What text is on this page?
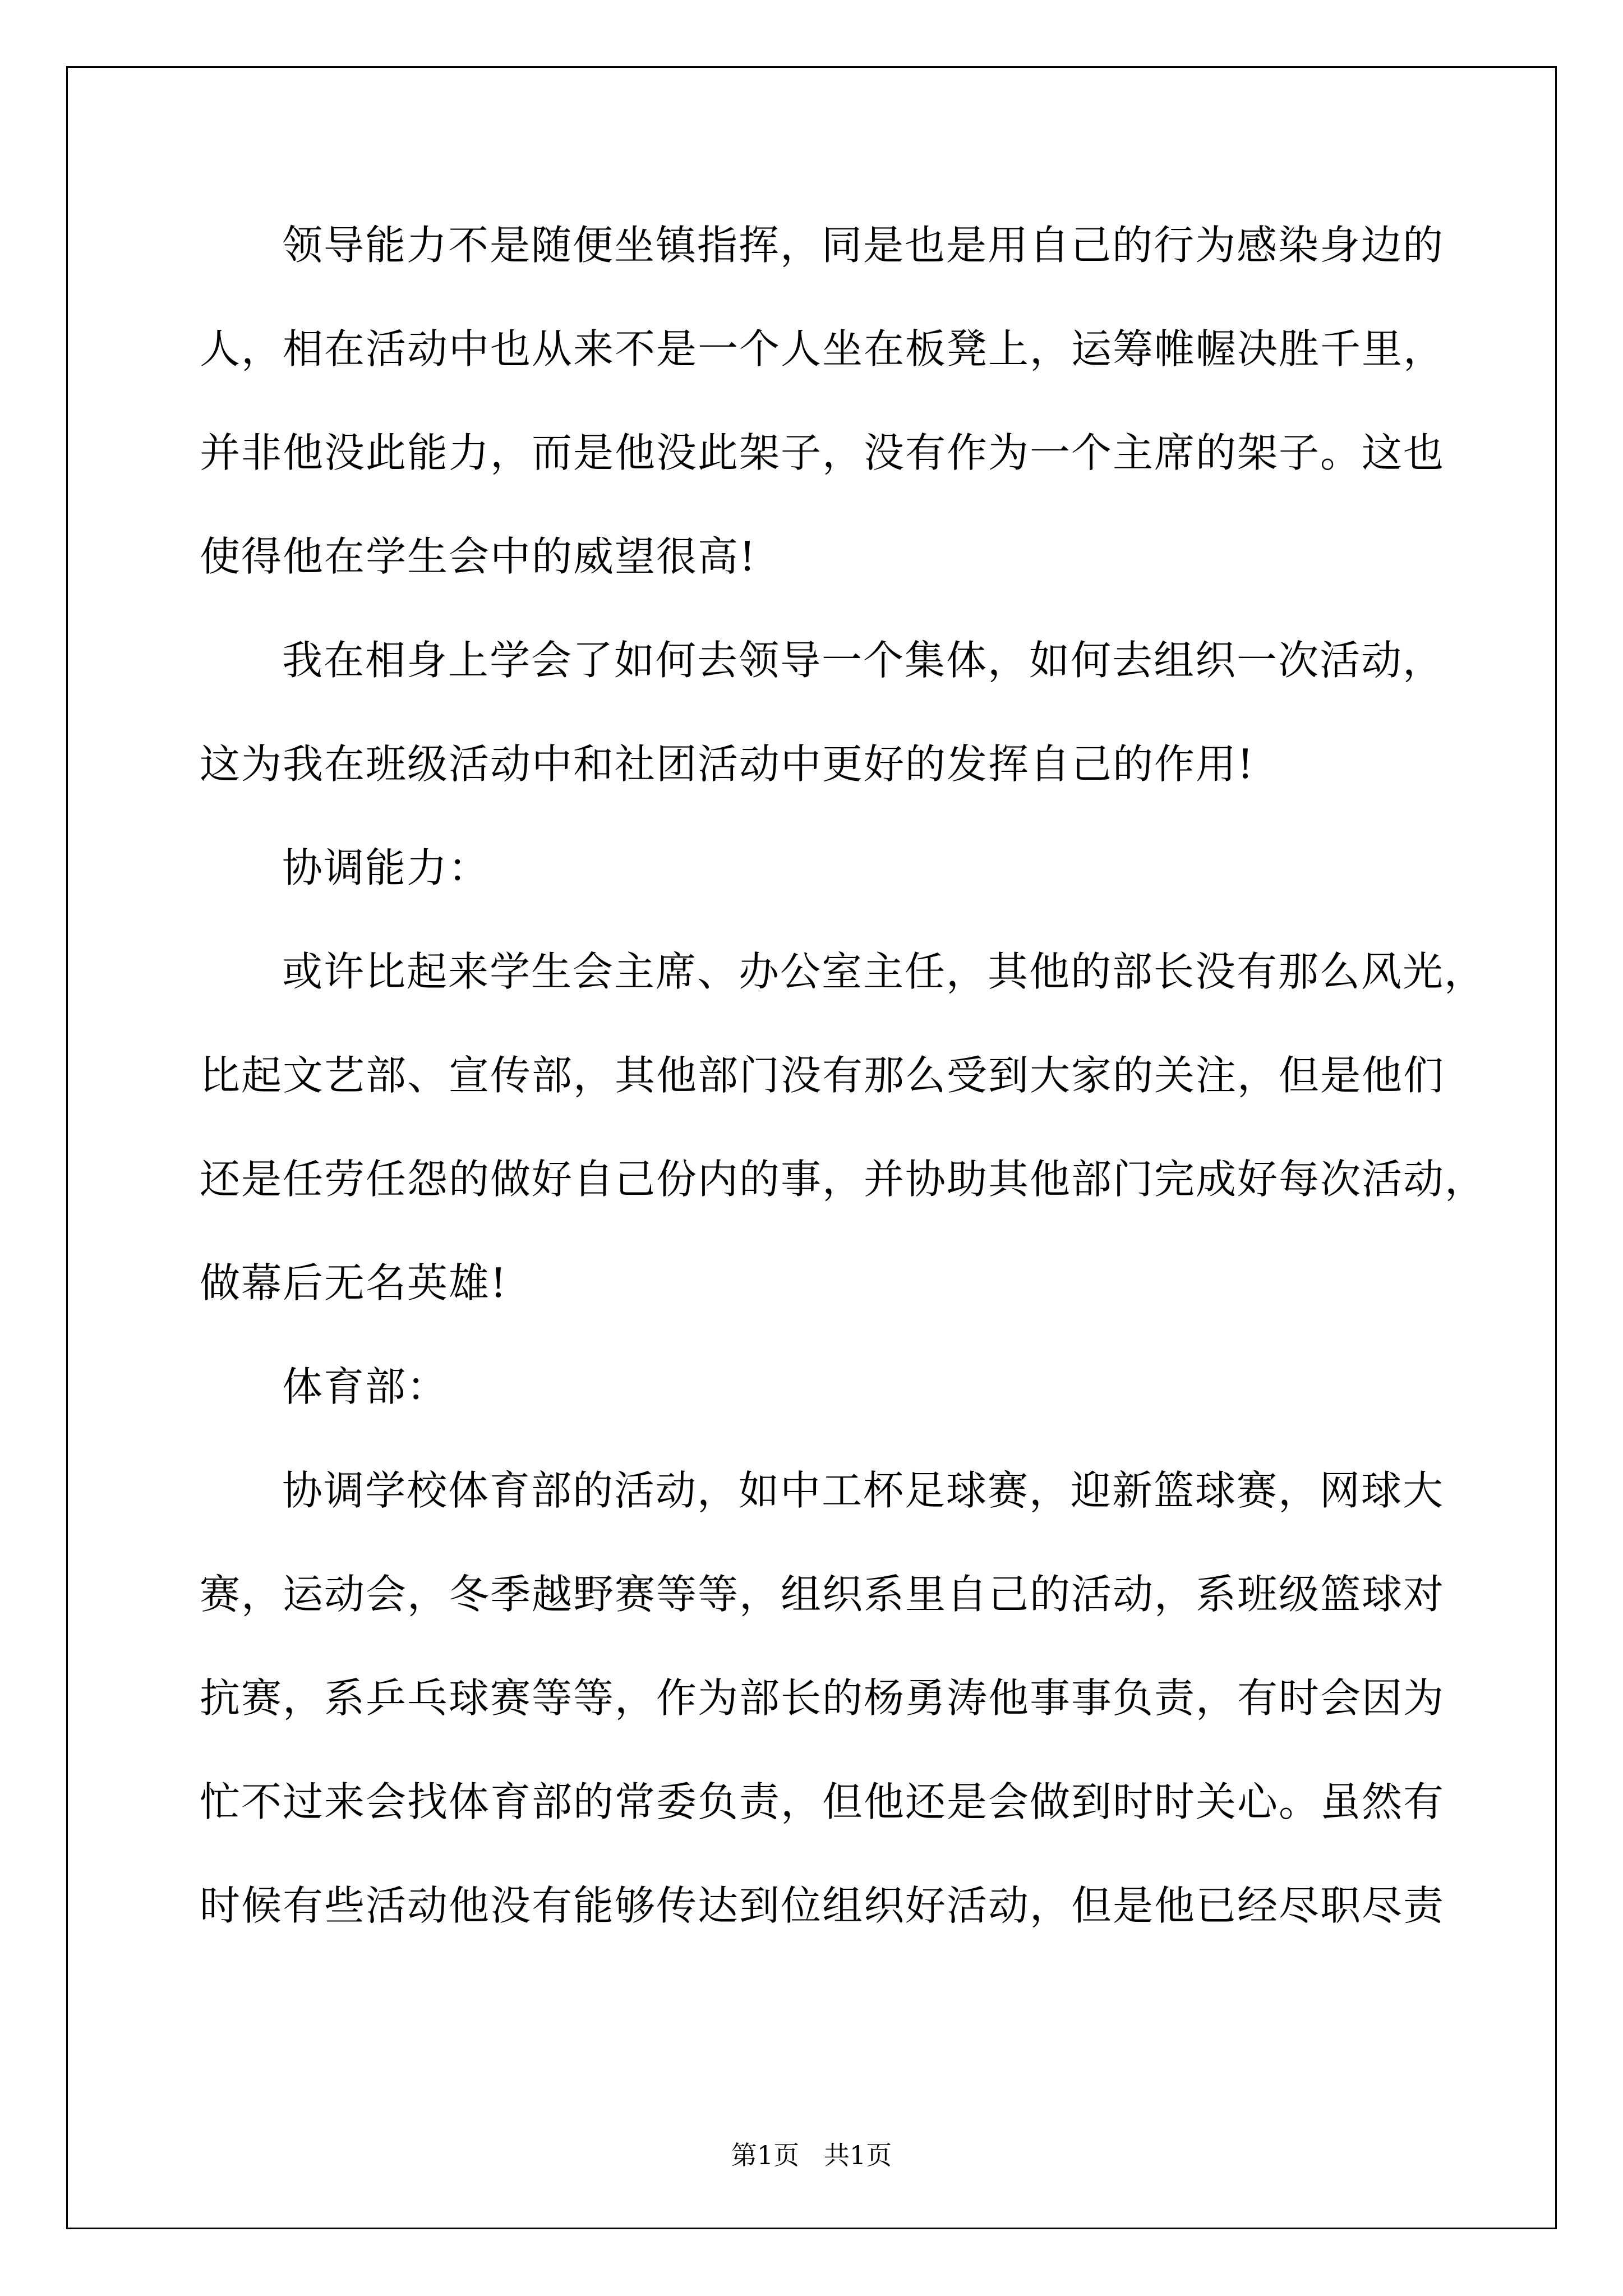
领导能力不是随便坐镇指挥，同是也是用自己的行为感染身边的
人，相在活动中也从来不是一个人坐在板凳上，运筹帷幄决胜千里，
并非他没此能力，而是他没此架子，没有作为一个主席的架子。这也
使得他在学生会中的威望很高!
我在相身上学会了如何去领导一个集体，如何去组织一次活动，
这为我在班级活动中和社团活动中更好的发挥自己的作用!
协调能力：
或许比起来学生会主席、办公室主任，其他的部长没有那么风光，
比起文艺部、宣传部，其他部门没有那么受到大家的关注，但是他们
还是任劳任怨的做好自己份内的事，并协助其他部门完成好每次活动，
做幕后无名英雄!
体育部：
协调学校体育部的活动，如中工杯足球赛，迎新篮球赛，网球大
赛，运动会，冬季越野赛等等，组织系里自己的活动，系班级篮球对
抗赛，系乒乓球赛等等，作为部长的杨勇涛他事事负责，有时会因为
忙不过来会找体育部的常委负责，但他还是会做到时时关心。虽然有
时候有些活动他没有能够传达到位组织好活动，但是他已经尽职尽责
第1页   共1页
